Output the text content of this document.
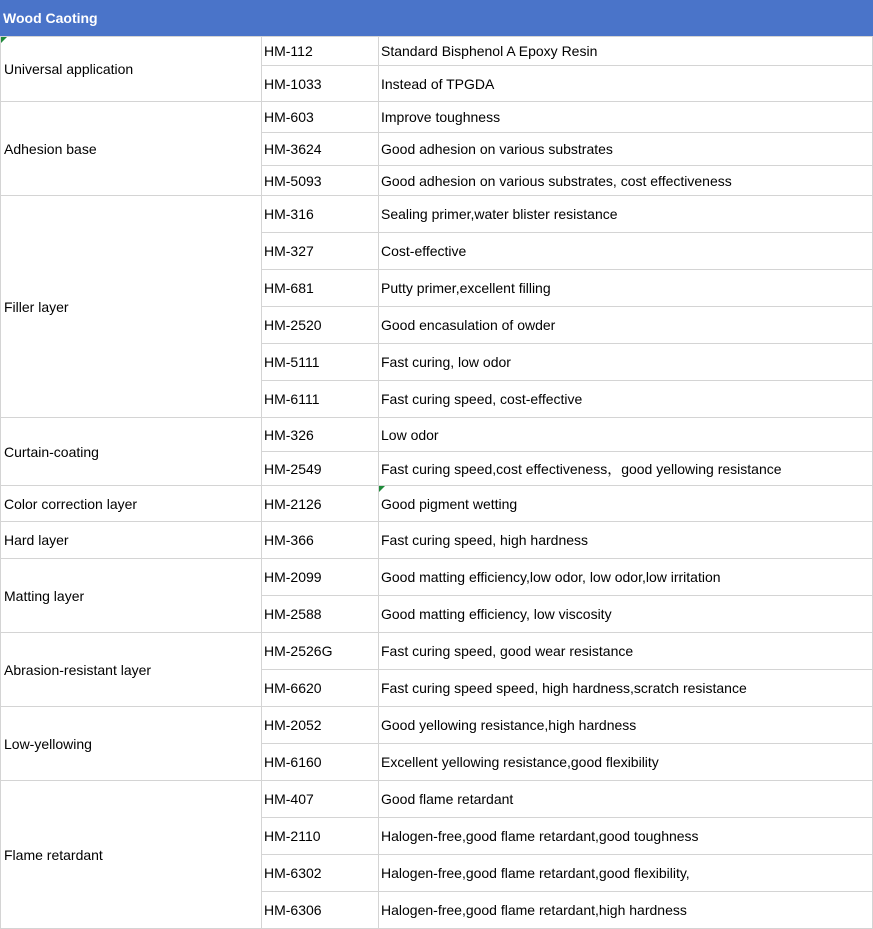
Wood Caoting
Universal application	HM-112	Standard Bisphenol A Epoxy Resin
	HM-1033	Instead of TPGDA
Adhesion base	HM-603	Improve toughness
	HM-3624	Good adhesion on various substrates
	HM-5093	Good adhesion on various substrates, cost effectiveness
Filler layer	HM-316	Sealing primer,water blister resistance
	HM-327	Cost-effective
	HM-681	Putty primer,excellent filling
	HM-2520	Good encasulation of owder
	HM-5111	Fast curing, low odor
	HM-6111	Fast curing speed, cost-effective
Curtain-coating	HM-326	Low odor
	HM-2549	Fast curing speed,cost effectiveness，good yellowing resistance
Color correction layer	HM-2126	Good pigment wetting
Hard layer	HM-366	Fast curing speed, high hardness
Matting layer	HM-2099	Good matting efficiency,low odor, low odor,low irritation
	HM-2588	Good matting efficiency, low viscosity
Abrasion-resistant layer	HM-2526G	Fast curing speed, good wear resistance
	HM-6620	Fast curing speed speed, high hardness,scratch resistance
Low-yellowing	HM-2052	Good yellowing resistance,high hardness
	HM-6160	Excellent yellowing resistance,good flexibility
Flame retardant	HM-407	Good flame retardant
	HM-2110	Halogen-free,good flame retardant,good toughness
	HM-6302	Halogen-free,good flame retardant,good flexibility,
	HM-6306	Halogen-free,good flame retardant,high hardness
